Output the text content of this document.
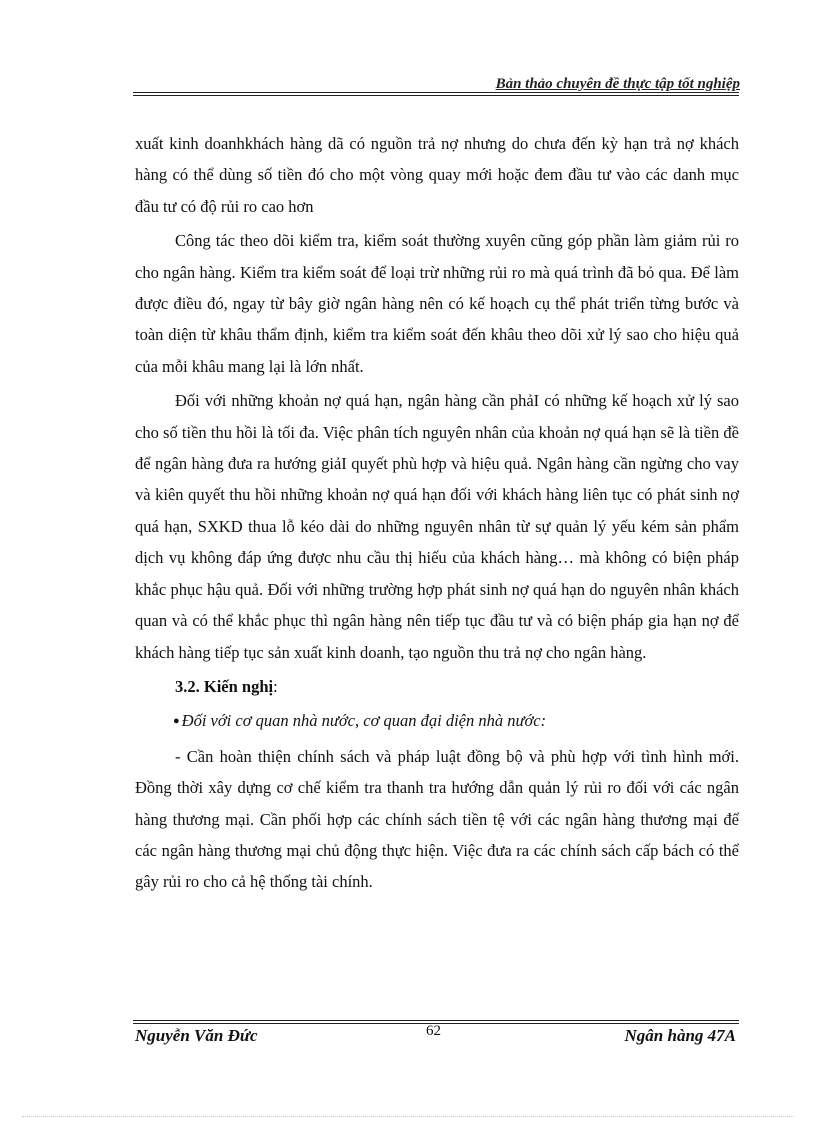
Bản thảo chuyên đề thực tập tốt nghiệp

xuất kinh doanhkhách hàng dã có nguồn trả nợ nhưng do chưa đến kỳ hạn trả nợ khách hàng có thể dùng số tiền đó cho một vòng quay mới hoặc đem đầu tư vào các danh mục đầu tư có độ rủi ro cao hơn

Công tác theo dõi kiểm tra, kiểm soát thường xuyên cũng góp phần làm giảm rủi ro cho ngân hàng. Kiểm tra kiểm soát để loại trừ những rủi ro mà quá trình đã bỏ qua. Để làm được điều đó, ngay từ bây giờ ngân hàng nên có kế hoạch cụ thể phát triển từng bước và toàn diện từ khâu thẩm định, kiểm tra kiểm soát đến khâu theo dõi xử lý sao cho hiệu quả của mỗi khâu mang lại là lớn nhất.

Đối với những khoản nợ quá hạn, ngân hàng cần phảI có những kế hoạch xử lý sao cho số tiền thu hồi là tối đa. Việc phân tích nguyên nhân của khoản nợ quá hạn sẽ là tiền đề để ngân hàng đưa ra hướng giảI quyết phù hợp và hiệu quả. Ngân hàng cần ngừng cho vay và kiên quyết thu hồi những khoản nợ quá hạn đối với khách hàng liên tục có phát sinh nợ quá hạn, SXKD thua lỗ kéo dài do những nguyên nhân từ sự quản lý yếu kém sản phẩm dịch vụ không đáp ứng được nhu cầu thị hiếu của khách hàng… mà không có biện pháp khắc phục hậu quả. Đối với những trường hợp phát sinh nợ quá hạn do nguyên nhân khách quan và có thể khắc phục thì ngân hàng nên tiếp tục đầu tư và có biện pháp gia hạn nợ để khách hàng tiếp tục sản xuất kinh doanh, tạo nguồn thu trả nợ cho ngân hàng.

3.2. Kiến nghị:

● Đối với cơ quan nhà nước, cơ quan đại diện nhà nước:

- Cần hoàn thiện chính sách và pháp luật đồng bộ và phù hợp với tình hình mới. Đồng thời xây dựng cơ chế kiểm tra thanh tra hướng dẫn quản lý rủi ro đối với các ngân hàng thương mại. Cần phối hợp các chính sách tiền tệ với các ngân hàng thương mại để các ngân hàng thương mại chủ động thực hiện. Việc đưa ra các chính sách cấp bách có thể gây rủi ro cho cả hệ thống tài chính.

Nguyễn Văn Đức	62	Ngân hàng 47A
